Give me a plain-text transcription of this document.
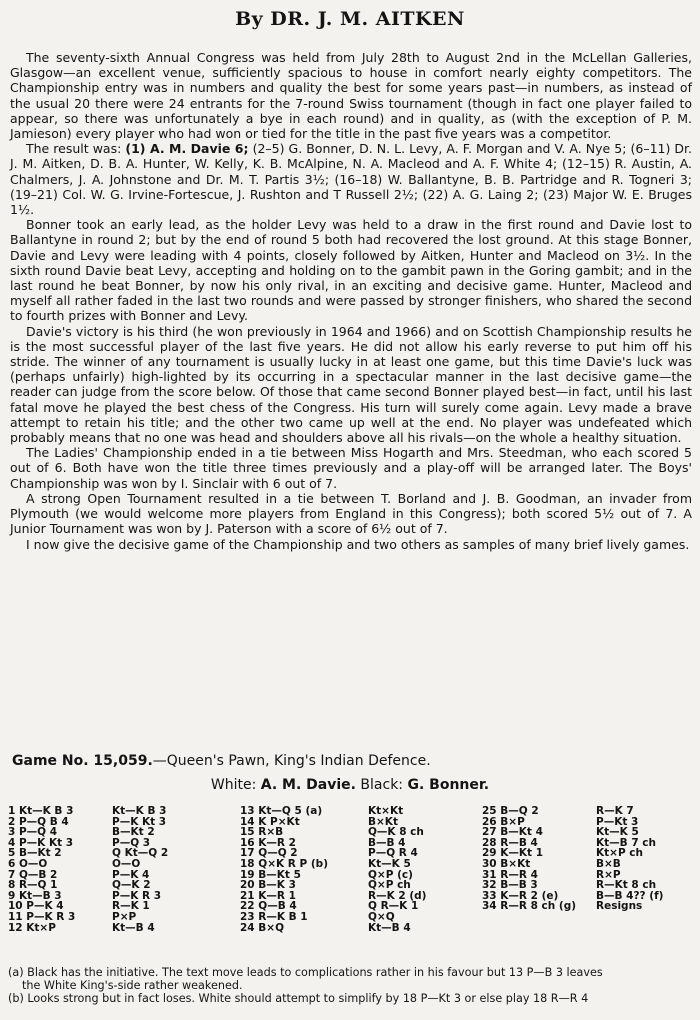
By DR. J. M. AITKEN

The seventy-sixth Annual Congress was held from July 28th to August 2nd in the McLellan Galleries, Glasgow—an excellent venue, sufficiently spacious to house in comfort nearly eighty competitors. The Championship entry was in numbers and quality the best for some years past—in numbers, as instead of the usual 20 there were 24 entrants for the 7-round Swiss tournament (though in fact one player failed to appear, so there was unfortunately a bye in each round) and in quality, as (with the exception of P. M. Jamieson) every player who had won or tied for the title in the past five years was a competitor.

The result was: (1) A. M. Davie 6; (2–5) G. Bonner, D. N. L. Levy, A. F. Morgan and V. A. Nye 5; (6–11) Dr. J. M. Aitken, D. B. A. Hunter, W. Kelly, K. B. McAlpine, N. A. Macleod and A. F. White 4; (12–15) R. Austin, A. Chalmers, J. A. Johnstone and Dr. M. T. Partis 3½; (16–18) W. Ballantyne, B. B. Partridge and R. Togneri 3; (19–21) Col. W. G. Irvine-Fortescue, J. Rushton and T Russell 2½; (22) A. G. Laing 2; (23) Major W. E. Bruges 1½.

Bonner took an early lead, as the holder Levy was held to a draw in the first round and Davie lost to Ballantyne in round 2; but by the end of round 5 both had recovered the lost ground. At this stage Bonner, Davie and Levy were leading with 4 points, closely followed by Aitken, Hunter and Macleod on 3½. In the sixth round Davie beat Levy, accepting and holding on to the gambit pawn in the Goring gambit; and in the last round he beat Bonner, by now his only rival, in an exciting and decisive game. Hunter, Macleod and myself all rather faded in the last two rounds and were passed by stronger finishers, who shared the second to fourth prizes with Bonner and Levy.

Davie's victory is his third (he won previously in 1964 and 1966) and on Scottish Championship results he is the most successful player of the last five years. He did not allow his early reverse to put him off his stride. The winner of any tournament is usually lucky in at least one game, but this time Davie's luck was (perhaps unfairly) high-lighted by its occurring in a spectacular manner in the last decisive game—the reader can judge from the score below. Of those that came second Bonner played best—in fact, until his last fatal move he played the best chess of the Congress. His turn will surely come again. Levy made a brave attempt to retain his title; and the other two came up well at the end. No player was undefeated which probably means that no one was head and shoulders above all his rivals—on the whole a healthy situation.

The Ladies' Championship ended in a tie between Miss Hogarth and Mrs. Steedman, who each scored 5 out of 6. Both have won the title three times previously and a play-off will be arranged later. The Boys' Championship was won by I. Sinclair with 6 out of 7.

A strong Open Tournament resulted in a tie between T. Borland and J. B. Goodman, an invader from Plymouth (we would welcome more players from England in this Congress); both scored 5½ out of 7. A Junior Tournament was won by J. Paterson with a score of 6½ out of 7.

I now give the decisive game of the Championship and two others as samples of many brief lively games.

Game No. 15,059.—Queen's Pawn, King's Indian Defence.
White: A. M. Davie. Black: G. Bonner.
1 Kt—K B 3	Kt—K B 3
2 P—Q B 4	P—K Kt 3
3 P—Q 4	B—Kt 2
4 P—K Kt 3	P—Q 3
5 B—Kt 2	Q Kt—Q 2
6 O—O	O—O
7 Q—B 2	P—K 4
8 R—Q 1	Q—K 2
9 Kt—B 3	P—K R 3
10 P—K 4	R—K 1
11 P—K R 3	P×P
12 Kt×P	Kt—B 4
13 Kt—Q 5 (a)	Kt×Kt
14 K P×Kt	B×Kt
15 R×B	Q—K 8 ch
16 K—R 2	B—B 4
17 Q—Q 2	P—Q R 4
18 Q×K R P (b)	Kt—K 5
19 B—Kt 5	Q×P (c)
20 B—K 3	Q×P ch
21 K—R 1	R—K 2 (d)
22 Q—B 4	Q R—K 1
23 R—K B 1	Q×Q
24 B×Q	Kt—B 4
25 B—Q 2	R—K 7
26 B×P	P—Kt 3
27 B—Kt 4	Kt—K 5
28 R—B 4	Kt—B 7 ch
29 K—Kt 1	Kt×P ch
30 B×Kt	B×B
31 R—R 4	R×P
32 B—B 3	R—Kt 8 ch
33 K—R 2 (e)	B—B 4?? (f)
34 R—R 8 ch (g) Resigns
(a) Black has the initiative. The text move leads to complications rather in his favour but 13 P—B 3 leaves
the White King's-side rather weakened.
(b) Looks strong but in fact loses. White should attempt to simplify by 18 P—Kt 3 or else play 18 R—R 4
